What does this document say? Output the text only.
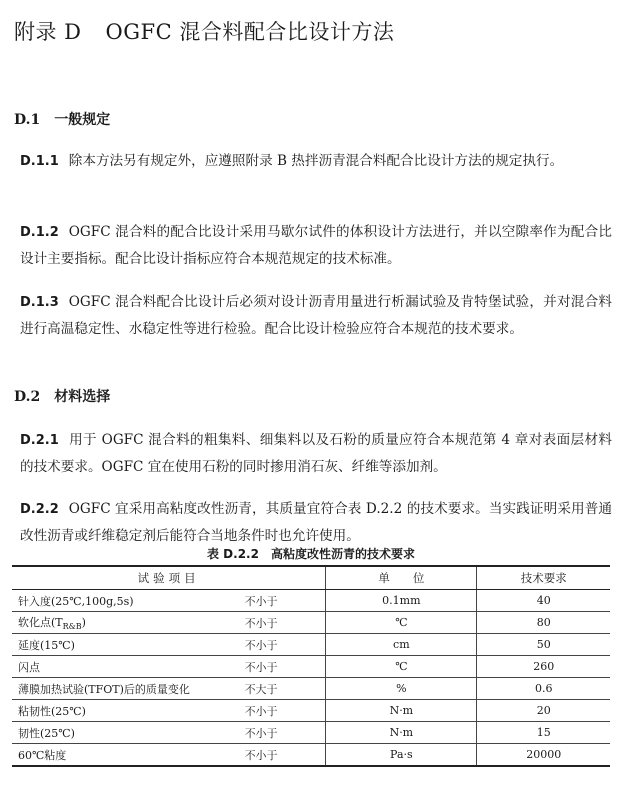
附录 D OGFC 混合料配合比设计方法
D.1 一般规定
D.1.1 除本方法另有规定外，应遵照附录 B 热拌沥青混合料配合比设计方法的规定执行。
D.1.2 OGFC 混合料的配合比设计采用马歇尔试件的体积设计方法进行，并以空隙率作为配合比设计主要指标。配合比设计指标应符合本规范规定的技术标准。
D.1.3 OGFC 混合料配合比设计后必须对设计沥青用量进行析漏试验及肯特堡试验，并对混合料进行高温稳定性、水稳定性等进行检验。配合比设计检验应符合本规范的技术要求。
D.2 材料选择
D.2.1 用于 OGFC 混合料的粗集料、细集料以及石粉的质量应符合本规范第 4 章对表面层材料的技术要求。OGFC 宜在使用石粉的同时掺用消石灰、纤维等添加剂。
D.2.2 OGFC 宜采用高粘度改性沥青，其质量宜符合表 D.2.2 的技术要求。当实践证明采用普通改性沥青或纤维稳定剂后能符合当地条件时也允许使用。
表 D.2.2 高粘度改性沥青的技术要求
试验项目		单　　位	技术要求
针入度(25℃,100g,5s)	不小于	0.1mm	40
软化点$(T_{R\&B})$	不小于	℃	80
延度(15℃)	不小于	cm	50
闪点	不小于	℃	260
薄膜加热试验(TFOT)后的质量变化	不大于	%	0.6
粘韧性(25℃)	不小于	N·m	20
韧性(25℃)	不小于	N·m	15
60℃粘度	不小于	Pa·s	20000
